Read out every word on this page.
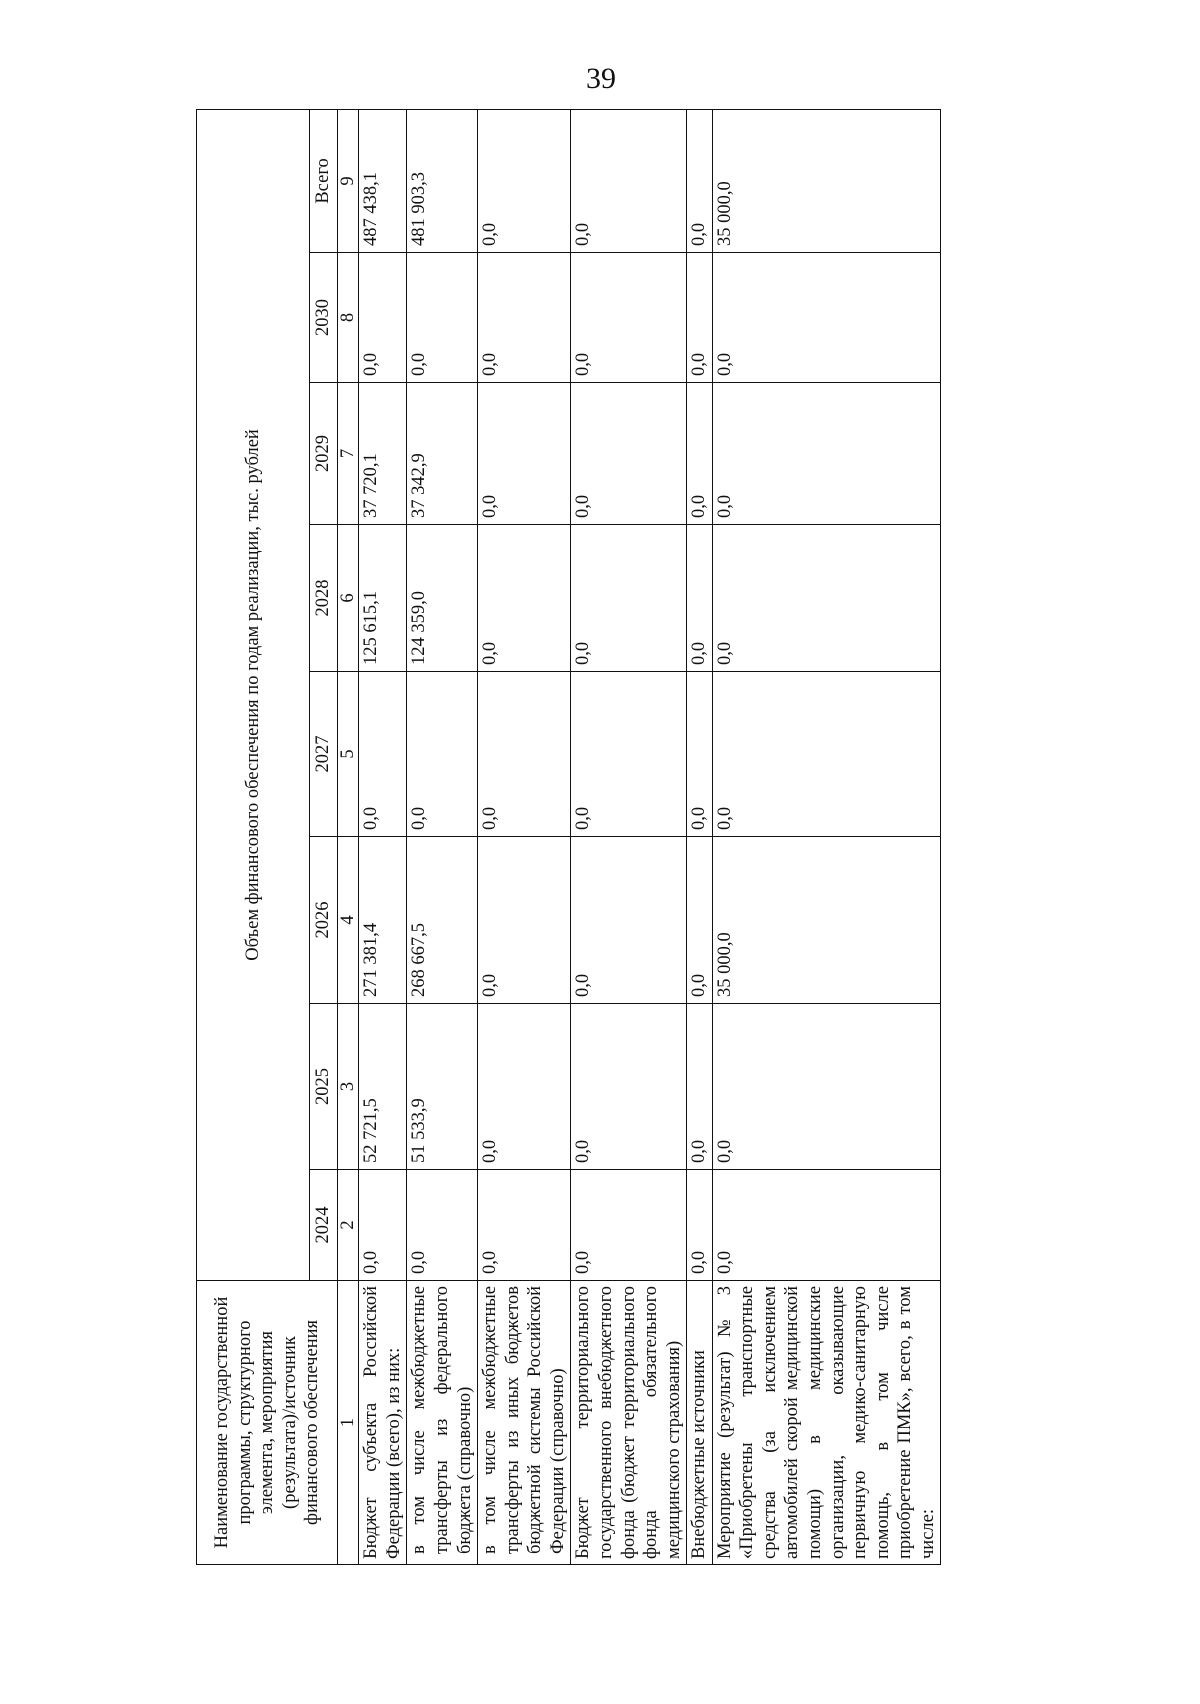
39
Наименование государственной программы, структурного элемента, мероприятия (результата)/источник финансового обеспечения	Объем финансового обеспечения по годам реализации, тыс. рублей							
	2024	2025	2026	2027	2028	2029	2030	Всего
1	2	3	4	5	6	7	8	9
Бюджет субъекта Российской Федерации (всего), из них:	0,0	52 721,5	271 381,4	0,0	125 615,1	37 720,1	0,0	487 438,1
в том числе межбюджетные трансферты из федерального бюджета (справочно)	0,0	51 533,9	268 667,5	0,0	124 359,0	37 342,9	0,0	481 903,3
в том числе межбюджетные трансферты из иных бюджетов бюджетной системы Российской Федерации (справочно)	0,0	0,0	0,0	0,0	0,0	0,0	0,0	0,0
Бюджет территориального государственного внебюджетного фонда (бюджет территориального фонда обязательного медицинского страхования)	0,0	0,0	0,0	0,0	0,0	0,0	0,0	0,0
Внебюджетные источники	0,0	0,0	0,0	0,0	0,0	0,0	0,0	0,0
Мероприятие (результат) № 3 «Приобретены транспортные средства (за исключением автомобилей скорой медицинской помощи) в медицинские организации, оказывающие первичную медико-санитарную помощь, в том числе приобретение ПМК», всего, в том числе:	0,0	0,0	35 000,0	0,0	0,0	0,0	0,0	35 000,0
